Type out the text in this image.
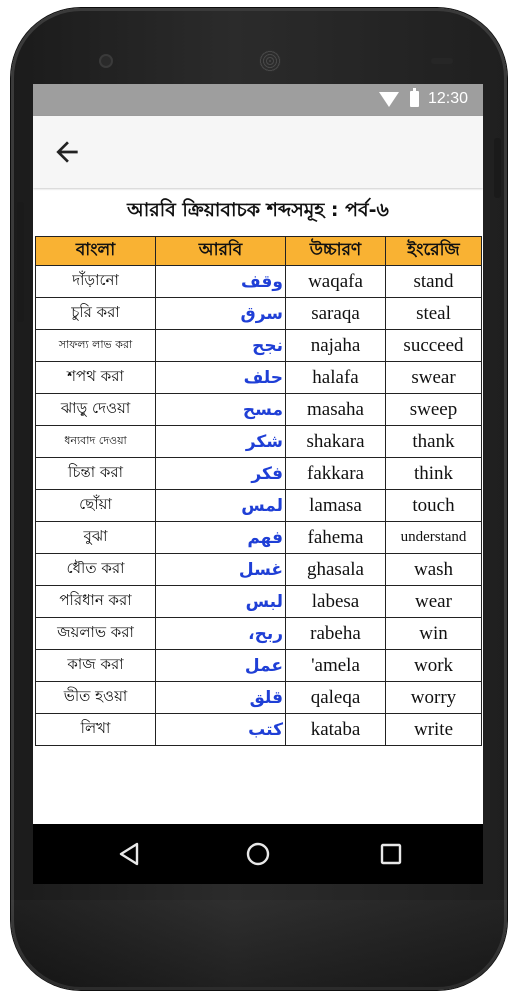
12:30
আরবি ক্রিয়াবাচক শব্দসমূহ : পর্ব-৬
বাংলা	আরবি	উচ্চারণ	ইংরেজি
দাঁড়ানো	وقف	waqafa	stand
চুরি করা	سرق	saraqa	steal
সাফল্য লাভ করা	نجح	najaha	succeed
শপথ করা	حلف	halafa	swear
ঝাড়ু দেওয়া	مسح	masaha	sweep
ধন্যবাদ দেওয়া	شكر	shakara	thank
চিন্তা করা	فكر	fakkara	think
ছোঁয়া	لمس	lamasa	touch
বুঝা	فهم	fahema	understand
ধৌত করা	غسل	ghasala	wash
পরিধান করা	لبس	labesa	wear
জয়লাভ করা	ربح،	rabeha	win
কাজ করা	عمل	'amela	work
ভীত হওয়া	قلق	qaleqa	worry
লিখা	كتب	kataba	write
